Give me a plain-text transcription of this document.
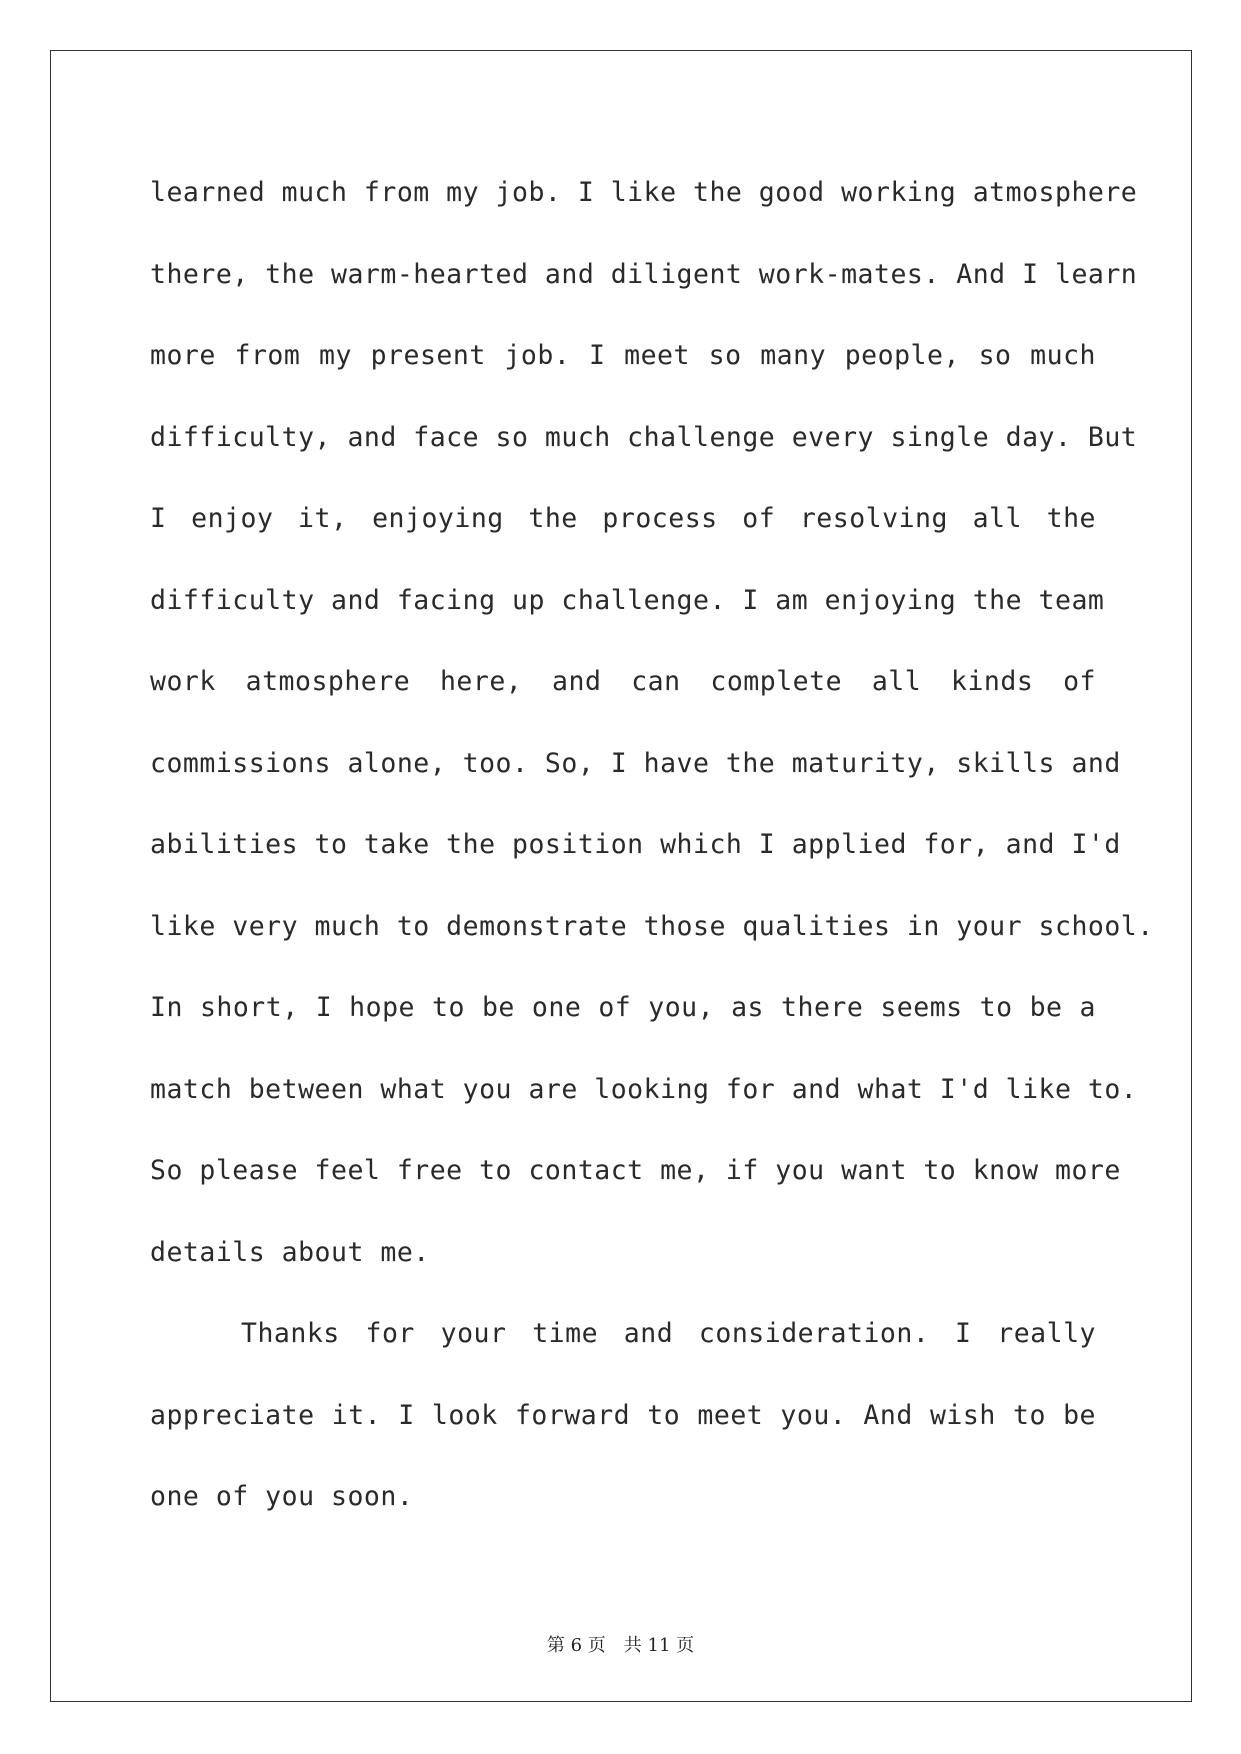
learned much from my job. I like the good working atmosphere
there, the warm-hearted and diligent work-mates. And I learn
more from my present job. I meet so many people, so much
difficulty, and face so much challenge every single day. But
I enjoy it, enjoying the process of resolving all the
difficulty and facing up challenge. I am enjoying the team
work atmosphere here, and can complete all kinds of
commissions alone, too. So, I have the maturity, skills and
abilities to take the position which I applied for, and I'd
like very much to demonstrate those qualities in your school.
In short, I hope to be one of you, as there seems to be a
match between what you are looking for and what I'd like to.
So please feel free to contact me, if you want to know more
details about me.
Thanks for your time and consideration. I really
appreciate it. I look forward to meet you. And wish to be
one of you soon.
第 6 页　共 11 页
